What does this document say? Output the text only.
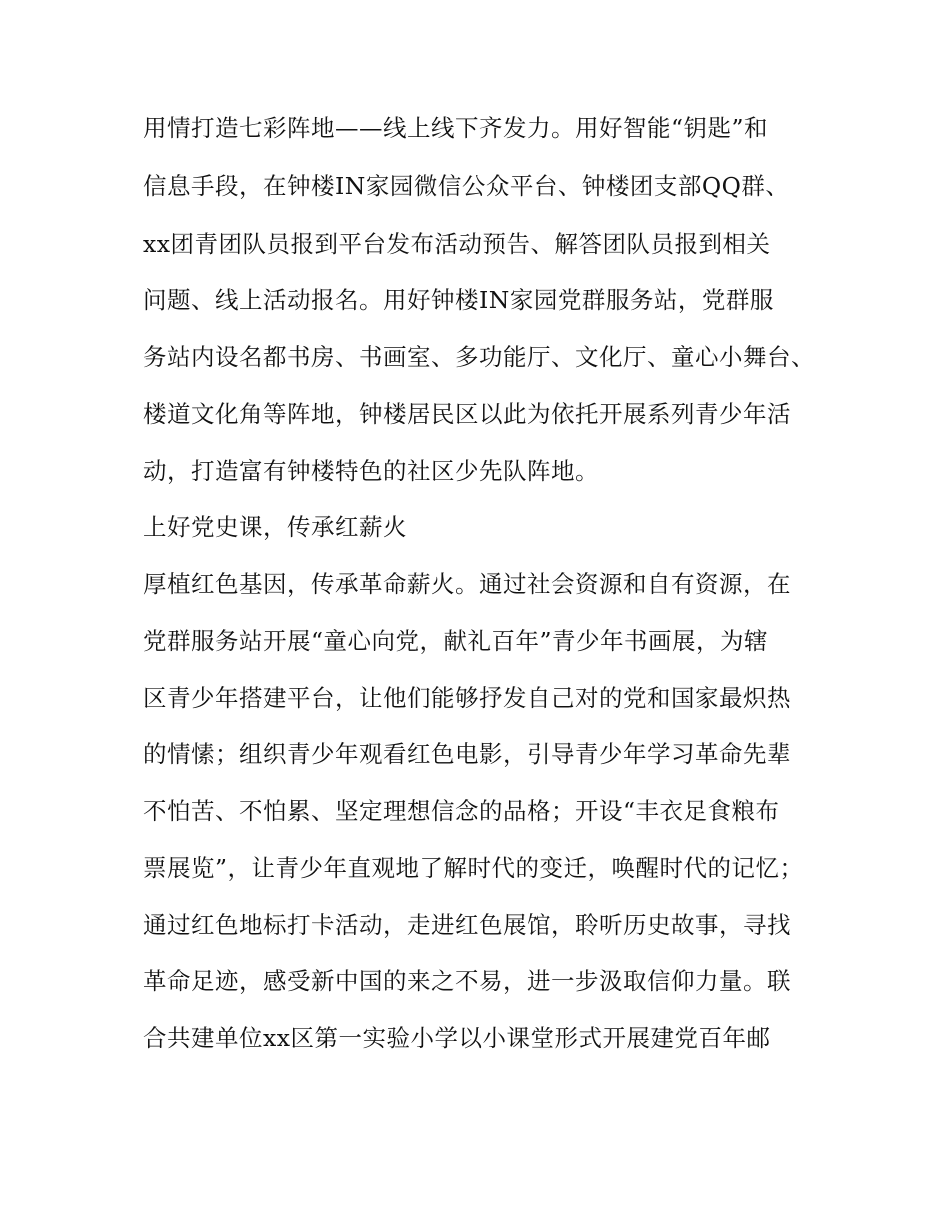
用情打造七彩阵地——线上线下齐发力。用好智能“钥匙”和
信息手段，在钟楼IN家园微信公众平台、钟楼团支部QQ群、
xx团青团队员报到平台发布活动预告、解答团队员报到相关
问题、线上活动报名。用好钟楼IN家园党群服务站，党群服
务站内设名都书房、书画室、多功能厅、文化厅、童心小舞台、
楼道文化角等阵地，钟楼居民区以此为依托开展系列青少年活
动，打造富有钟楼特色的社区少先队阵地。
上好党史课，传承红薪火
厚植红色基因，传承革命薪火。通过社会资源和自有资源，在
党群服务站开展“童心向党，献礼百年”青少年书画展，为辖
区青少年搭建平台，让他们能够抒发自己对的党和国家最炽热
的情愫；组织青少年观看红色电影，引导青少年学习革命先辈
不怕苦、不怕累、坚定理想信念的品格；开设“丰衣足食粮布
票展览”，让青少年直观地了解时代的变迁，唤醒时代的记忆；
通过红色地标打卡活动，走进红色展馆，聆听历史故事，寻找
革命足迹，感受新中国的来之不易，进一步汲取信仰力量。联
合共建单位xx区第一实验小学以小课堂形式开展建党百年邮
